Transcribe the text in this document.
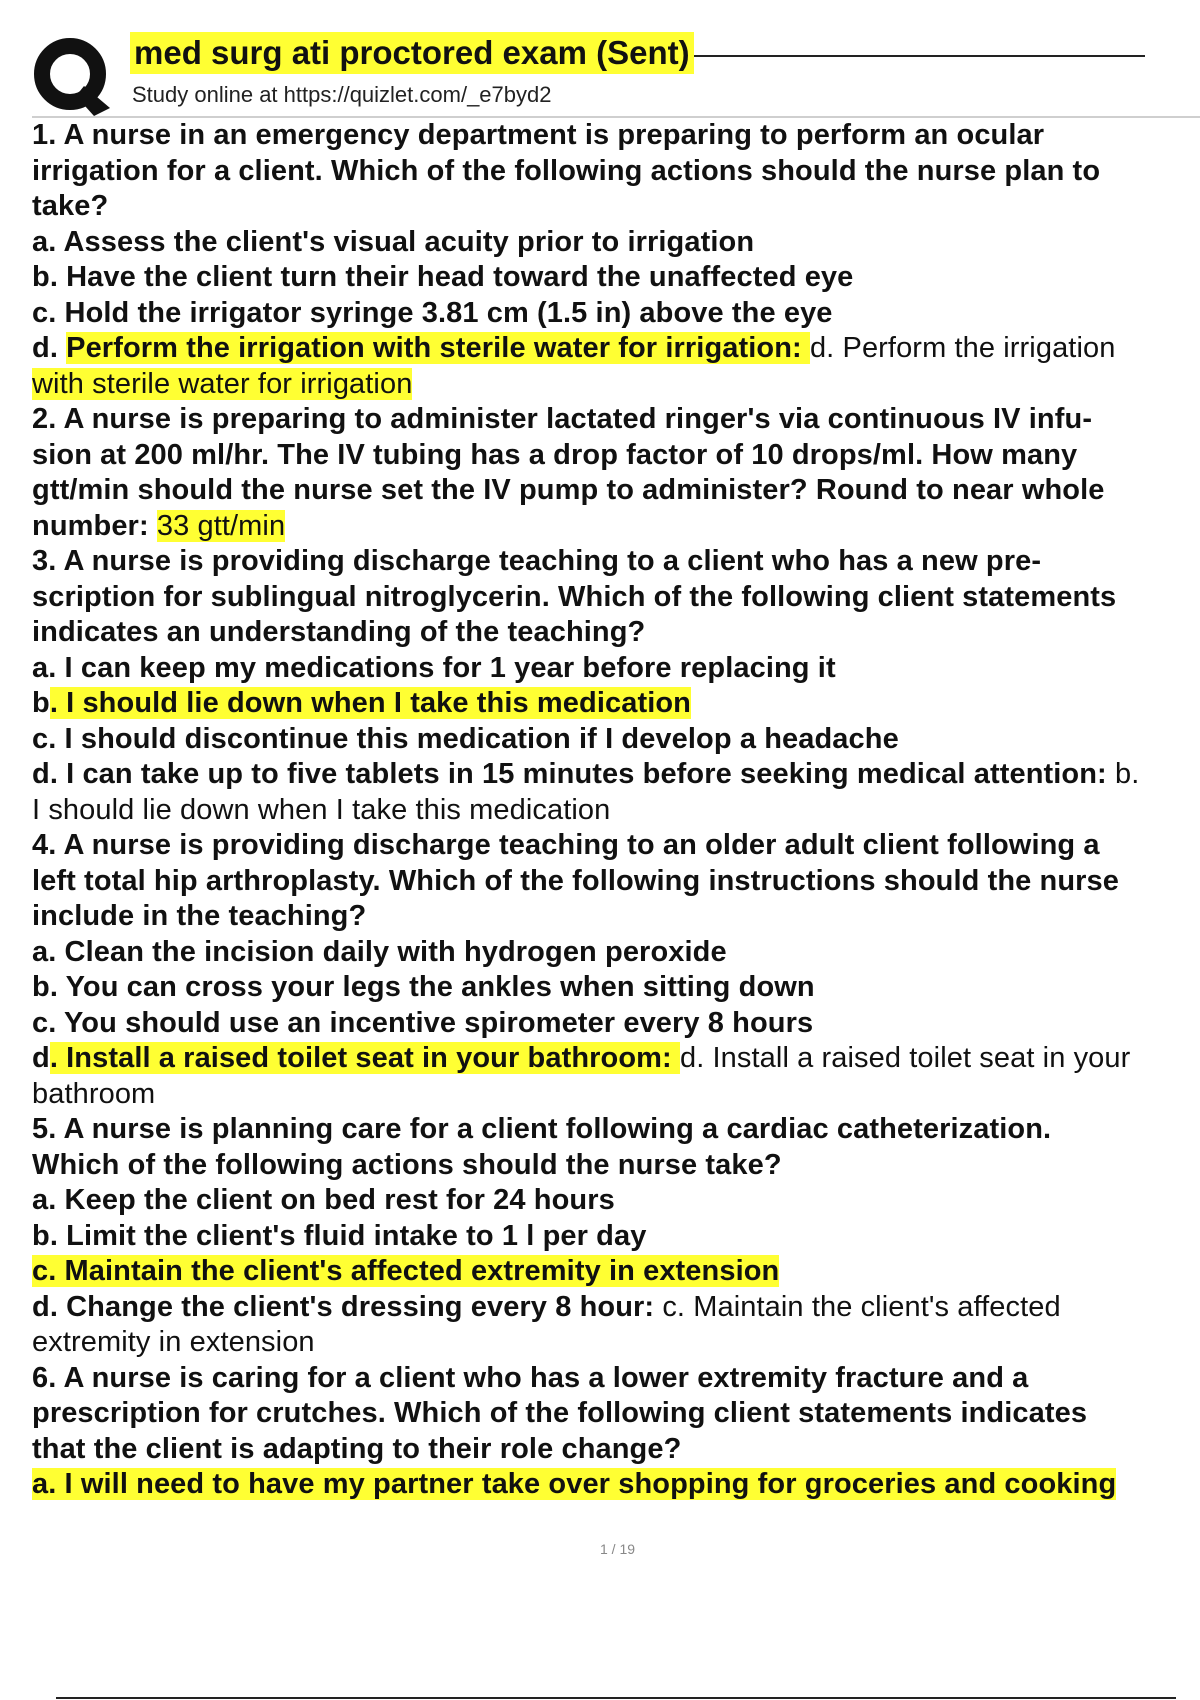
med surg ati proctored exam (Sent)
Study online at https://quizlet.com/_e7byd2
1. A nurse in an emergency department is preparing to perform an ocular
irrigation for a client. Which of the following actions should the nurse plan to
take?
a. Assess the client's visual acuity prior to irrigation
b. Have the client turn their head toward the unaffected eye
c. Hold the irrigator syringe 3.81 cm (1.5 in) above the eye
d. Perform the irrigation with sterile water for irrigation: d. Perform the irrigation
with sterile water for irrigation
2. A nurse is preparing to administer lactated ringer's via continuous IV infu-
sion at 200 ml/hr. The IV tubing has a drop factor of 10 drops/ml. How many
gtt/min should the nurse set the IV pump to administer? Round to near whole
number: 33 gtt/min
3. A nurse is providing discharge teaching to a client who has a new pre-
scription for sublingual nitroglycerin. Which of the following client statements
indicates an understanding of the teaching?
a. I can keep my medications for 1 year before replacing it
b. I should lie down when I take this medication
c. I should discontinue this medication if I develop a headache
d. I can take up to five tablets in 15 minutes before seeking medical attention: b.
I should lie down when I take this medication
4. A nurse is providing discharge teaching to an older adult client following a
left total hip arthroplasty. Which of the following instructions should the nurse
include in the teaching?
a. Clean the incision daily with hydrogen peroxide
b. You can cross your legs the ankles when sitting down
c. You should use an incentive spirometer every 8 hours
d. Install a raised toilet seat in your bathroom: d. Install a raised toilet seat in your
bathroom
5. A nurse is planning care for a client following a cardiac catheterization.
Which of the following actions should the nurse take?
a. Keep the client on bed rest for 24 hours
b. Limit the client's fluid intake to 1 l per day
c. Maintain the client's affected extremity in extension
d. Change the client's dressing every 8 hour: c. Maintain the client's affected
extremity in extension
6. A nurse is caring for a client who has a lower extremity fracture and a
prescription for crutches. Which of the following client statements indicates
that the client is adapting to their role change?
a. I will need to have my partner take over shopping for groceries and cooking
1 / 19
